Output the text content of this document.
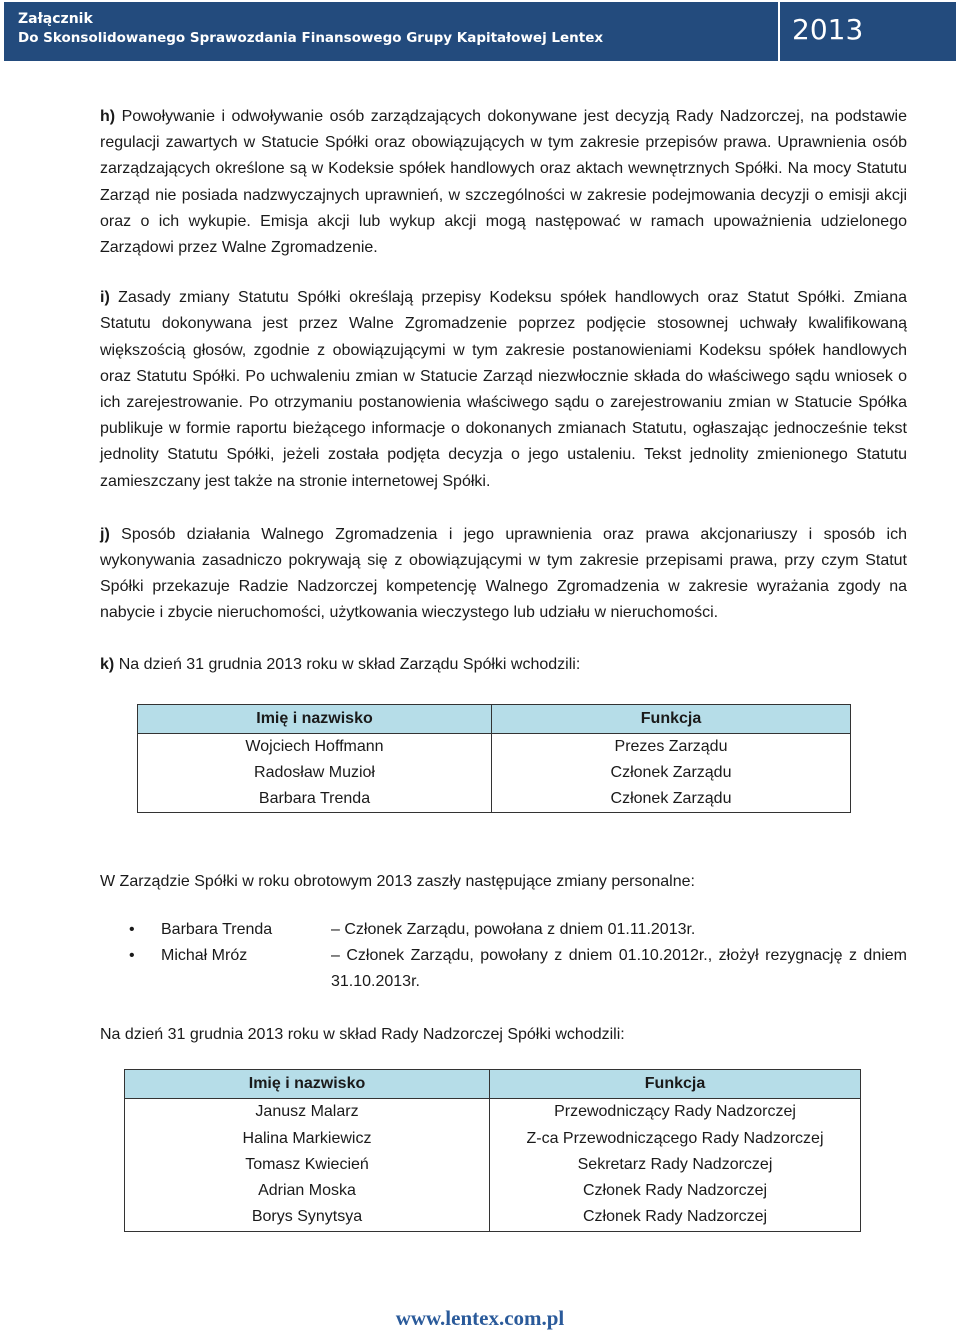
Załącznik
Do Skonsolidowanego Sprawozdania Finansowego Grupy Kapitałowej Lentex	2013

h) Powoływanie i odwoływanie osób zarządzających dokonywane jest decyzją Rady Nadzorczej, na podstawie regulacji zawartych w Statucie Spółki oraz obowiązujących w tym zakresie przepisów prawa. Uprawnienia osób zarządzających określone są w Kodeksie spółek handlowych oraz aktach wewnętrznych Spółki. Na mocy Statutu Zarząd nie posiada nadzwyczajnych uprawnień, w szczególności w zakresie podejmowania decyzji o emisji akcji oraz o ich wykupie. Emisja akcji lub wykup akcji mogą następować w ramach upoważnienia udzielonego Zarządowi przez Walne Zgromadzenie.

i) Zasady zmiany Statutu Spółki określają przepisy Kodeksu spółek handlowych oraz Statut Spółki. Zmiana Statutu dokonywana jest przez Walne Zgromadzenie poprzez podjęcie stosownej uchwały kwalifikowaną większością głosów, zgodnie z obowiązującymi w tym zakresie postanowieniami Kodeksu spółek handlowych oraz Statutu Spółki. Po uchwaleniu zmian w Statucie Zarząd niezwłocznie składa do właściwego sądu wniosek o ich zarejestrowanie. Po otrzymaniu postanowienia właściwego sądu o zarejestrowaniu zmian w Statucie Spółka publikuje w formie raportu bieżącego informacje o dokonanych zmianach Statutu, ogłaszając jednocześnie tekst jednolity Statutu Spółki, jeżeli została podjęta decyzja o jego ustaleniu. Tekst jednolity zmienionego Statutu zamieszczany jest także na stronie internetowej Spółki.

j) Sposób działania Walnego Zgromadzenia i jego uprawnienia oraz prawa akcjonariuszy i sposób ich wykonywania zasadniczo pokrywają się z obowiązującymi w tym zakresie przepisami prawa, przy czym Statut Spółki przekazuje Radzie Nadzorczej kompetencję Walnego Zgromadzenia w zakresie wyrażania zgody na nabycie i zbycie nieruchomości, użytkowania wieczystego lub udziału w nieruchomości.

k) Na dzień 31 grudnia 2013 roku w skład Zarządu Spółki wchodzili:

Imię i nazwisko	Funkcja
Wojciech Hoffmann	Prezes Zarządu
Radosław Muzioł	Członek Zarządu
Barbara Trenda	Członek Zarządu

W Zarządzie Spółki w roku obrotowym 2013 zaszły następujące zmiany personalne:

• Barbara Trenda	– Członek Zarządu, powołana z dniem 01.11.2013r.
• Michał Mróz	– Członek Zarządu, powołany z dniem 01.10.2012r., złożył rezygnację z dniem 31.10.2013r.

Na dzień 31 grudnia 2013 roku w skład Rady Nadzorczej Spółki wchodzili:

Imię i nazwisko	Funkcja
Janusz Malarz	Przewodniczący Rady Nadzorczej
Halina Markiewicz	Z-ca Przewodniczącego Rady Nadzorczej
Tomasz Kwiecień	Sekretarz Rady Nadzorczej
Adrian Moska	Członek Rady Nadzorczej
Borys Synytsya	Członek Rady Nadzorczej
www.lentex.com.pl
